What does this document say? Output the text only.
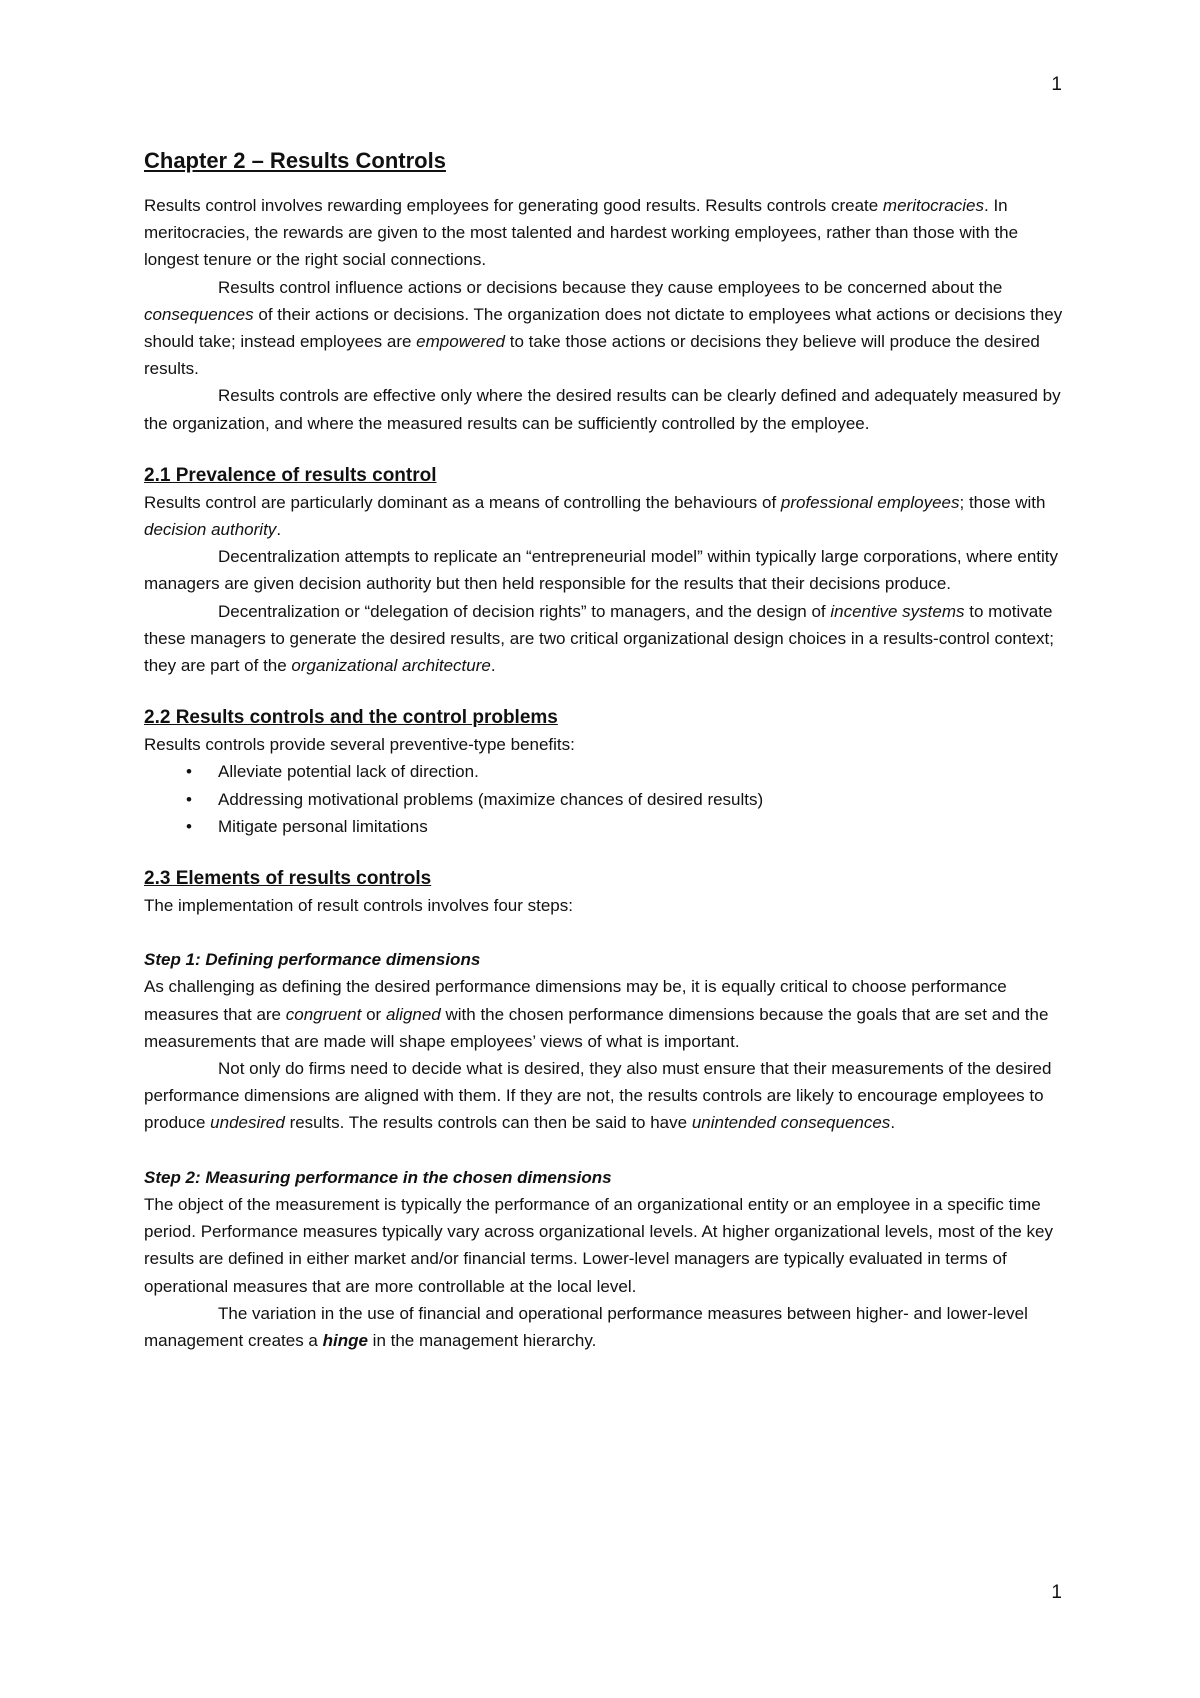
1
Chapter 2 – Results Controls

Results control involves rewarding employees for generating good results. Results controls create meritocracies. In meritocracies, the rewards are given to the most talented and hardest working employees, rather than those with the longest tenure or the right social connections.

Results control influence actions or decisions because they cause employees to be concerned about the consequences of their actions or decisions. The organization does not dictate to employees what actions or decisions they should take; instead employees are empowered to take those actions or decisions they believe will produce the desired results.

Results controls are effective only where the desired results can be clearly defined and adequately measured by the organization, and where the measured results can be sufficiently controlled by the employee.

2.1 Prevalence of results control

Results control are particularly dominant as a means of controlling the behaviours of professional employees; those with decision authority.

Decentralization attempts to replicate an “entrepreneurial model” within typically large corporations, where entity managers are given decision authority but then held responsible for the results that their decisions produce.

Decentralization or “delegation of decision rights” to managers, and the design of incentive systems to motivate these managers to generate the desired results, are two critical organizational design choices in a results-control context; they are part of the organizational architecture.

2.2 Results controls and the control problems

Results controls provide several preventive-type benefits:

• Alleviate potential lack of direction.
• Addressing motivational problems (maximize chances of desired results)
• Mitigate personal limitations
2.3 Elements of results controls

The implementation of result controls involves four steps:

Step 1: Defining performance dimensions

As challenging as defining the desired performance dimensions may be, it is equally critical to choose performance measures that are congruent or aligned with the chosen performance dimensions because the goals that are set and the measurements that are made will shape employees’ views of what is important.

Not only do firms need to decide what is desired, they also must ensure that their measurements of the desired performance dimensions are aligned with them. If they are not, the results controls are likely to encourage employees to produce undesired results. The results controls can then be said to have unintended consequences.

Step 2: Measuring performance in the chosen dimensions

The object of the measurement is typically the performance of an organizational entity or an employee in a specific time period. Performance measures typically vary across organizational levels. At higher organizational levels, most of the key results are defined in either market and/or financial terms. Lower-level managers are typically evaluated in terms of operational measures that are more controllable at the local level.

The variation in the use of financial and operational performance measures between higher- and lower-level management creates a hinge in the management hierarchy.

1
